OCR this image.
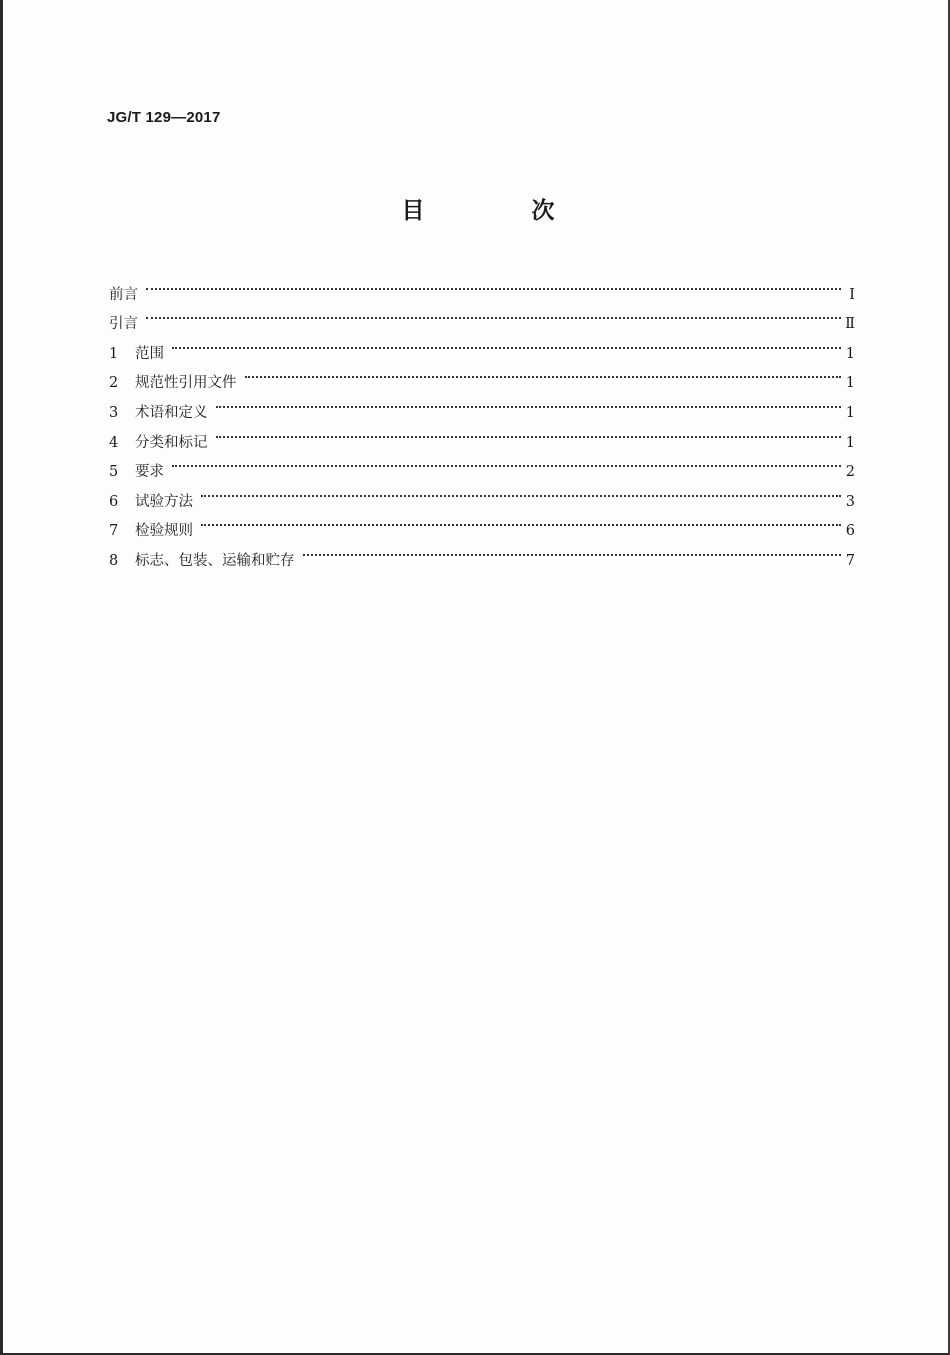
JG/T 129—2017
目　次
前言	Ⅰ
引言	Ⅱ
1	范围	1
2	规范性引用文件	1
3	术语和定义	1
4	分类和标记	1
5	要求	2
6	试验方法	3
7	检验规则	6
8	标志、包装、运输和贮存	7
